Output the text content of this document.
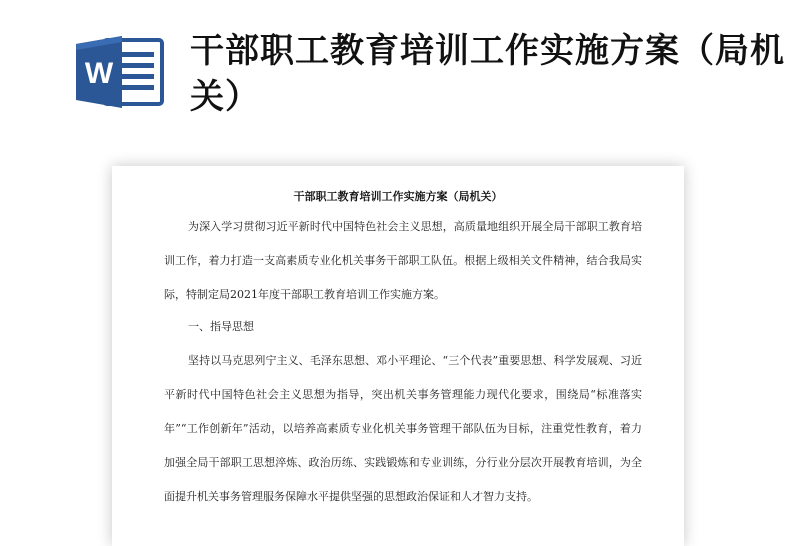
W
干部职工教育培训工作实施方案（局机关）
干部职工教育培训工作实施方案（局机关）
为深入学习贯彻习近平新时代中国特色社会主义思想，高质量地组织开展全局干部职工教育培训工作，着力打造一支高素质专业化机关事务干部职工队伍。根据上级相关文件精神，结合我局实际，特制定局2021年度干部职工教育培训工作实施方案。
一、指导思想
坚持以马克思列宁主义、毛泽东思想、邓小平理论、“三个代表”重要思想、科学发展观、习近平新时代中国特色社会主义思想为指导，突出机关事务管理能力现代化要求，围绕局“标准落实年”“工作创新年”活动，以培养高素质专业化机关事务管理干部队伍为目标，注重党性教育，着力加强全局干部职工思想淬炼、政治历练、实践锻炼和专业训练，分行业分层次开展教育培训，为全面提升机关事务管理服务保障水平提供坚强的思想政治保证和人才智力支持。
